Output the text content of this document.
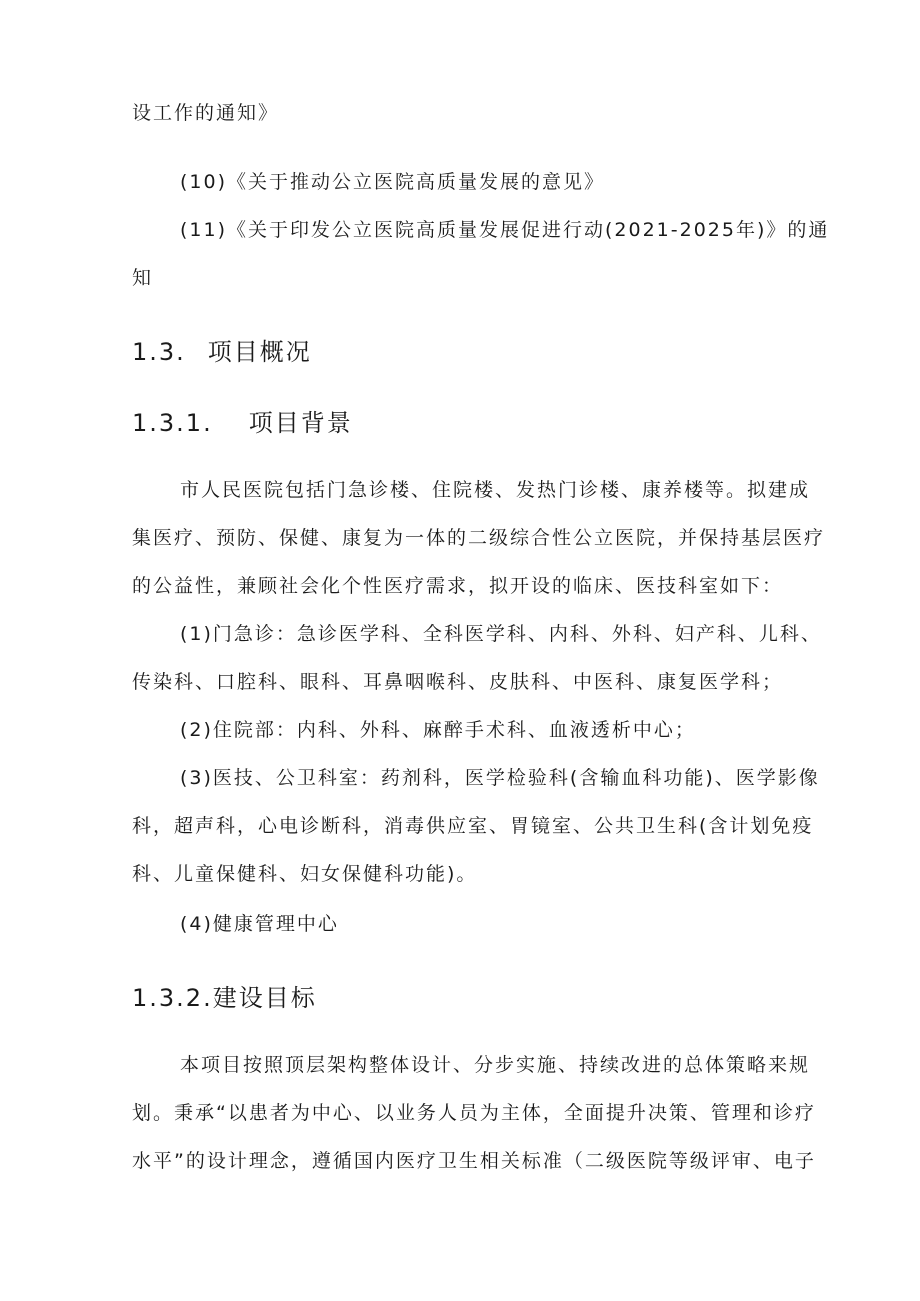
设工作的通知》
(10)《关于推动公立医院高质量发展的意见》
(11)《关于印发公立医院高质量发展促进行动(2021-2025年)》的通
知
1.3. 项目概况
1.3.1. 项目背景
市人民医院包括门急诊楼、住院楼、发热门诊楼、康养楼等。拟建成
集医疗、预防、保健、康复为一体的二级综合性公立医院，并保持基层医疗
的公益性，兼顾社会化个性医疗需求，拟开设的临床、医技科室如下：
(1)门急诊：急诊医学科、全科医学科、内科、外科、妇产科、儿科、
传染科、口腔科、眼科、耳鼻咽喉科、皮肤科、中医科、康复医学科；
(2)住院部：内科、外科、麻醉手术科、血液透析中心；
(3)医技、公卫科室：药剂科，医学检验科(含输血科功能)、医学影像
科，超声科，心电诊断科，消毒供应室、胃镜室、公共卫生科(含计划免疫
科、儿童保健科、妇女保健科功能)。
(4)健康管理中心
1.3.2.建设目标
本项目按照顶层架构整体设计、分步实施、持续改进的总体策略来规
划。秉承“以患者为中心、以业务人员为主体，全面提升决策、管理和诊疗
水平”的设计理念，遵循国内医疗卫生相关标准（二级医院等级评审、电子
